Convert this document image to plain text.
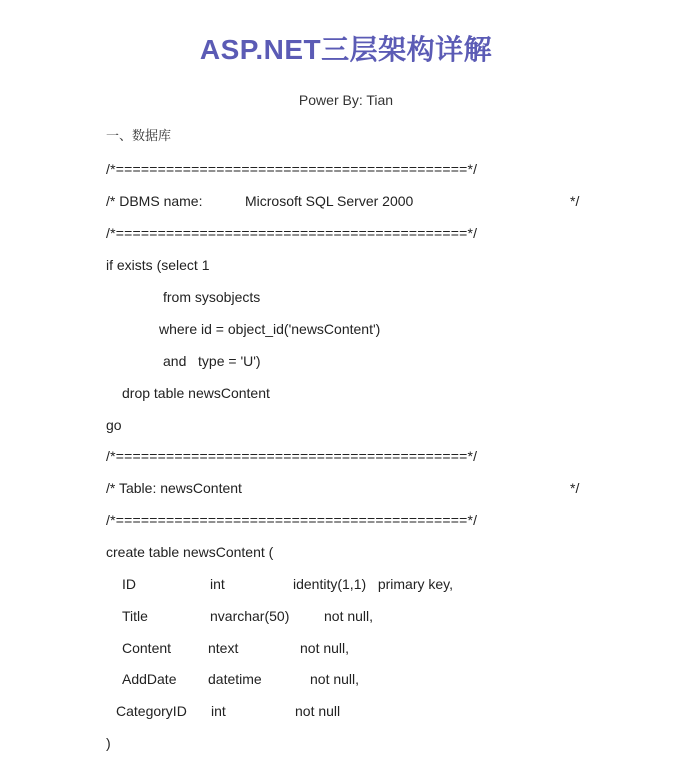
ASP.NET三层架构详解
Power By: Tian
一、数据库
/*==========================================*/
/* DBMS name:	Microsoft SQL Server 2000	*/
/*==========================================*/
if exists (select 1
from sysobjects
where id = object_id('newsContent')
and   type = 'U')
drop table newsContent
go
/*==========================================*/
/* Table: newsContent	*/
/*==========================================*/
create table newsContent (
ID	int	identity(1,1)   primary key,
Title	nvarchar(50) not null,
Content	ntext	not null,
AddDate datetime	not null,
CategoryID int	not null
)
